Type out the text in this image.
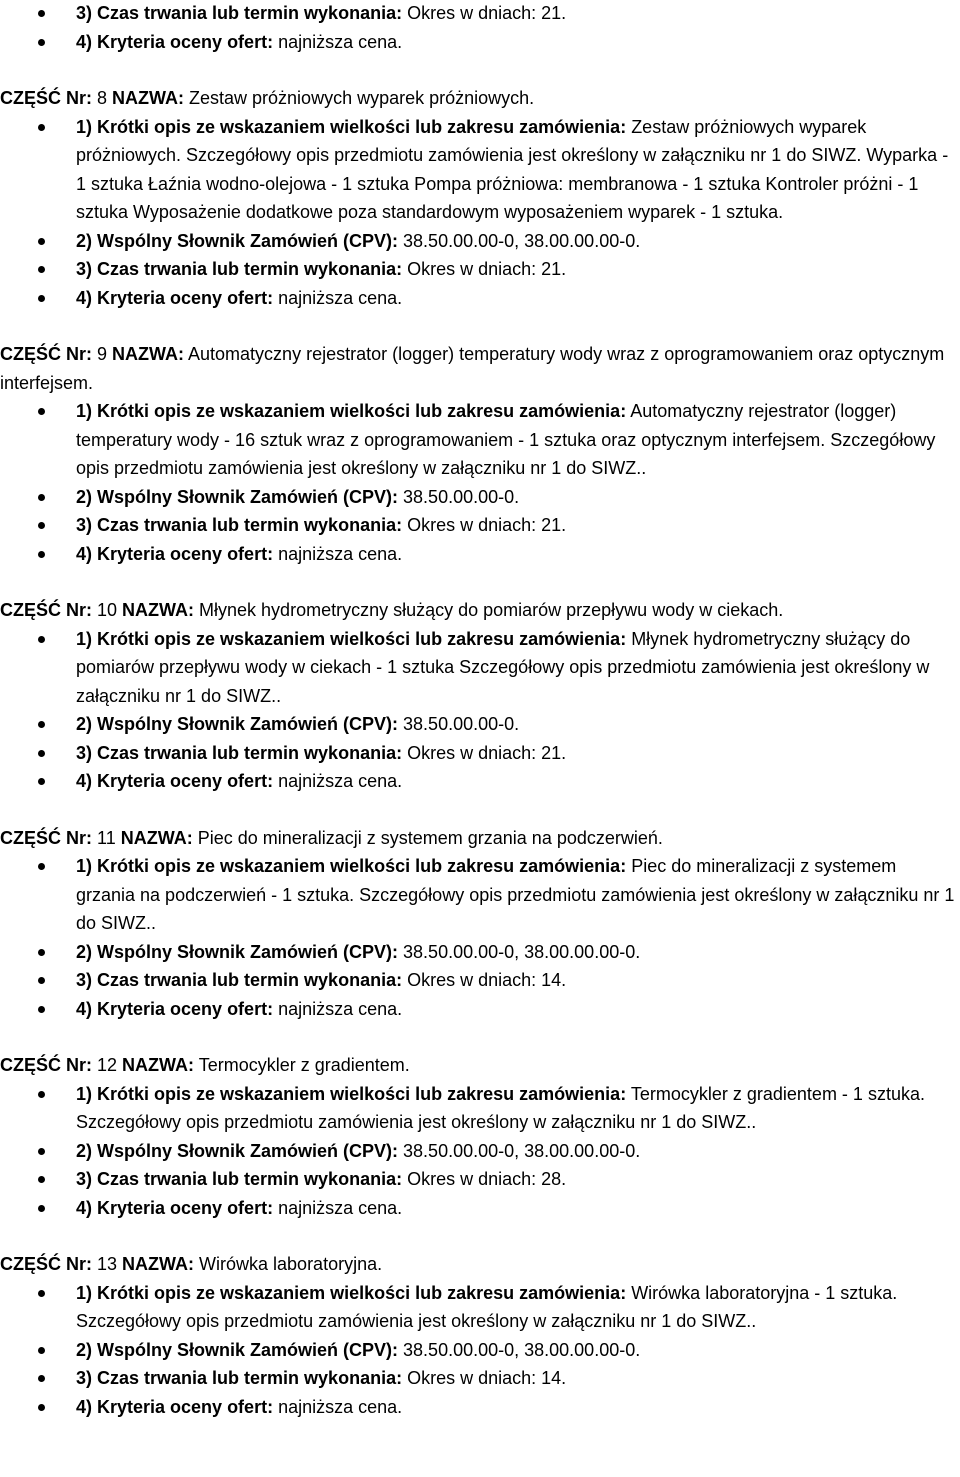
3) Czas trwania lub termin wykonania: Okres w dniach: 21.
4) Kryteria oceny ofert: najniższa cena.
CZĘŚĆ Nr: 8 NAZWA: Zestaw próżniowych wyparek próżniowych.
1) Krótki opis ze wskazaniem wielkości lub zakresu zamówienia: Zestaw próżniowych wyparek próżniowych. Szczegółowy opis przedmiotu zamówienia jest określony w załączniku nr 1 do SIWZ. Wyparka - 1 sztuka Łaźnia wodno-olejowa - 1 sztuka Pompa próżniowa: membranowa - 1 sztuka Kontroler próżni - 1 sztuka Wyposażenie dodatkowe poza standardowym wyposażeniem wyparek - 1 sztuka.
2) Wspólny Słownik Zamówień (CPV): 38.50.00.00-0, 38.00.00.00-0.
3) Czas trwania lub termin wykonania: Okres w dniach: 21.
4) Kryteria oceny ofert: najniższa cena.
CZĘŚĆ Nr: 9 NAZWA: Automatyczny rejestrator (logger) temperatury wody wraz z oprogramowaniem oraz optycznym interfejsem.
1) Krótki opis ze wskazaniem wielkości lub zakresu zamówienia: Automatyczny rejestrator (logger) temperatury wody - 16 sztuk wraz z oprogramowaniem - 1 sztuka oraz optycznym interfejsem. Szczegółowy opis przedmiotu zamówienia jest określony w załączniku nr 1 do SIWZ..
2) Wspólny Słownik Zamówień (CPV): 38.50.00.00-0.
3) Czas trwania lub termin wykonania: Okres w dniach: 21.
4) Kryteria oceny ofert: najniższa cena.
CZĘŚĆ Nr: 10 NAZWA: Młynek hydrometryczny służący do pomiarów przepływu wody w ciekach.
1) Krótki opis ze wskazaniem wielkości lub zakresu zamówienia: Młynek hydrometryczny służący do pomiarów przepływu wody w ciekach - 1 sztuka Szczegółowy opis przedmiotu zamówienia jest określony w załączniku nr 1 do SIWZ..
2) Wspólny Słownik Zamówień (CPV): 38.50.00.00-0.
3) Czas trwania lub termin wykonania: Okres w dniach: 21.
4) Kryteria oceny ofert: najniższa cena.
CZĘŚĆ Nr: 11 NAZWA: Piec do mineralizacji z systemem grzania na podczerwień.
1) Krótki opis ze wskazaniem wielkości lub zakresu zamówienia: Piec do mineralizacji z systemem grzania na podczerwień - 1 sztuka. Szczegółowy opis przedmiotu zamówienia jest określony w załączniku nr 1 do SIWZ..
2) Wspólny Słownik Zamówień (CPV): 38.50.00.00-0, 38.00.00.00-0.
3) Czas trwania lub termin wykonania: Okres w dniach: 14.
4) Kryteria oceny ofert: najniższa cena.
CZĘŚĆ Nr: 12 NAZWA: Termocykler z gradientem.
1) Krótki opis ze wskazaniem wielkości lub zakresu zamówienia: Termocykler z gradientem - 1 sztuka. Szczegółowy opis przedmiotu zamówienia jest określony w załączniku nr 1 do SIWZ..
2) Wspólny Słownik Zamówień (CPV): 38.50.00.00-0, 38.00.00.00-0.
3) Czas trwania lub termin wykonania: Okres w dniach: 28.
4) Kryteria oceny ofert: najniższa cena.
CZĘŚĆ Nr: 13 NAZWA: Wirówka laboratoryjna.
1) Krótki opis ze wskazaniem wielkości lub zakresu zamówienia: Wirówka laboratoryjna - 1 sztuka. Szczegółowy opis przedmiotu zamówienia jest określony w załączniku nr 1 do SIWZ..
2) Wspólny Słownik Zamówień (CPV): 38.50.00.00-0, 38.00.00.00-0.
3) Czas trwania lub termin wykonania: Okres w dniach: 14.
4) Kryteria oceny ofert: najniższa cena.
